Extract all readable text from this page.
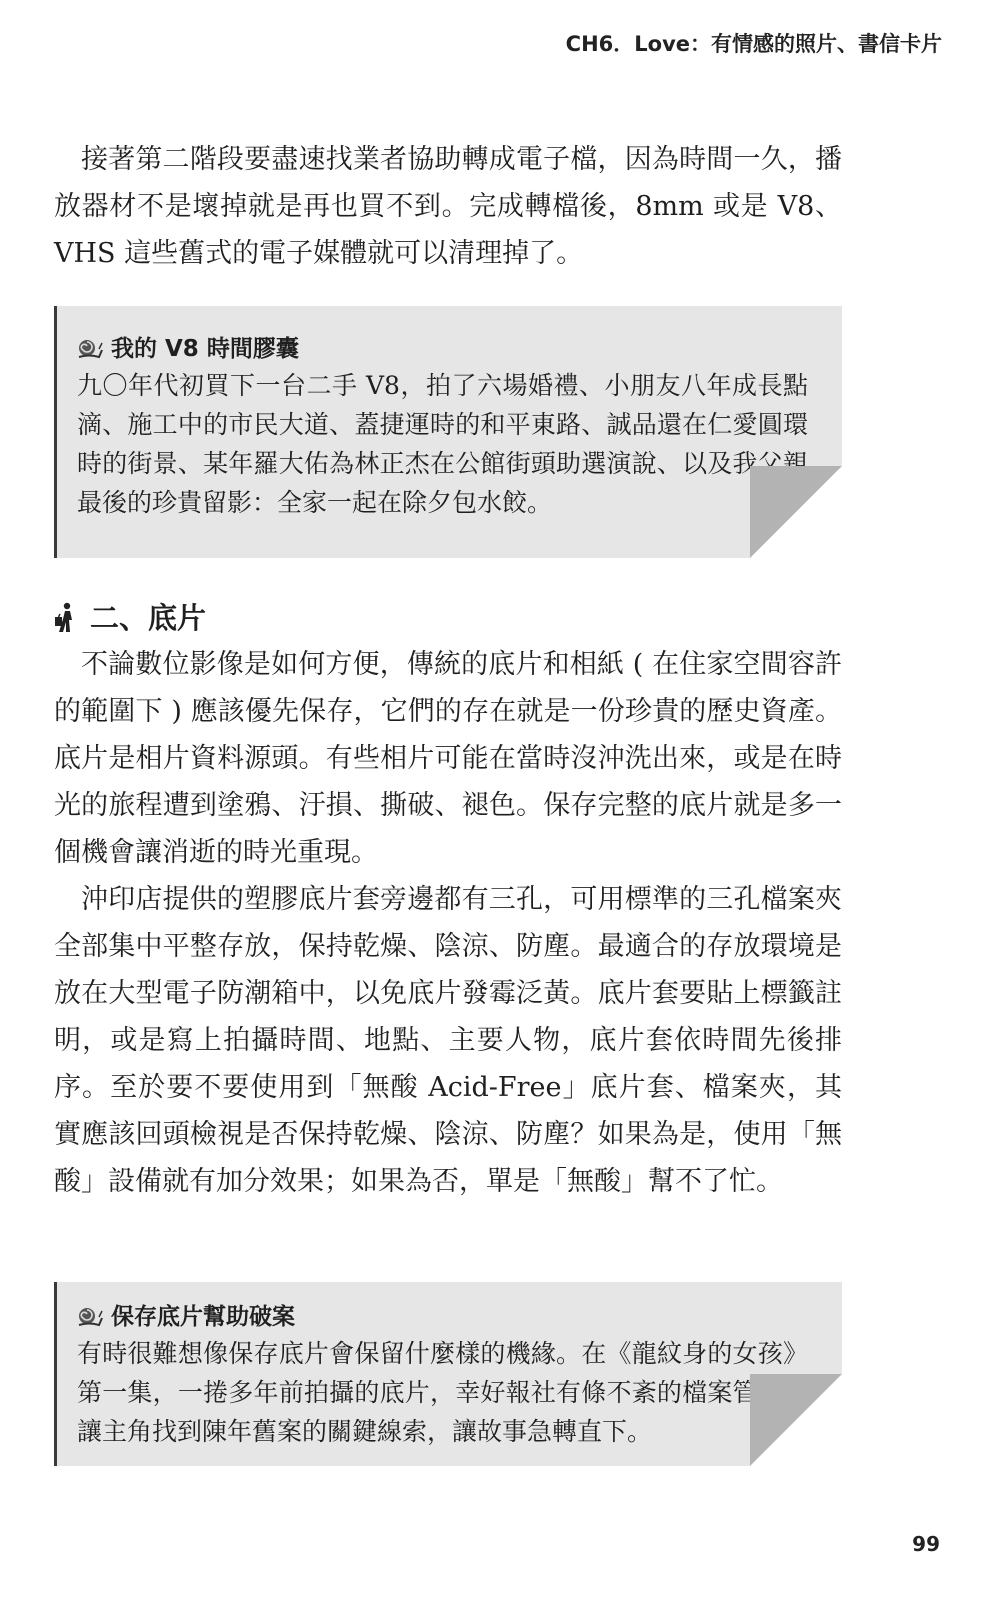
CH6．Love：有情感的照片、書信卡片

接著第二階段要盡速找業者協助轉成電子檔，因為時間一久，播放器材不是壞掉就是再也買不到。完成轉檔後，8mm 或是 V8、VHS 這些舊式的電子媒體就可以清理掉了。

我的 V8 時間膠囊

九〇年代初買下一台二手 V8，拍了六場婚禮、小朋友八年成長點滴、施工中的市民大道、蓋捷運時的和平東路、誠品還在仁愛圓環時的街景、某年羅大佑為林正杰在公館街頭助選演說、以及我父親最後的珍貴留影：全家一起在除夕包水餃。

二、底片

不論數位影像是如何方便，傳統的底片和相紙 ( 在住家空間容許的範圍下 ) 應該優先保存，它們的存在就是一份珍貴的歷史資產。底片是相片資料源頭。有些相片可能在當時沒沖洗出來，或是在時光的旅程遭到塗鴉、汙損、撕破、褪色。保存完整的底片就是多一個機會讓消逝的時光重現。

沖印店提供的塑膠底片套旁邊都有三孔，可用標準的三孔檔案夾全部集中平整存放，保持乾燥、陰涼、防塵。最適合的存放環境是放在大型電子防潮箱中，以免底片發霉泛黃。底片套要貼上標籤註明，或是寫上拍攝時間、地點、主要人物，底片套依時間先後排序。至於要不要使用到「無酸 Acid-Free」底片套、檔案夾，其實應該回頭檢視是否保持乾燥、陰涼、防塵？如果為是，使用「無酸」設備就有加分效果；如果為否，單是「無酸」幫不了忙。

保存底片幫助破案

有時很難想像保存底片會保留什麼樣的機緣。在《龍紋身的女孩》第一集，一捲多年前拍攝的底片，幸好報社有條不紊的檔案管理，讓主角找到陳年舊案的關鍵線索，讓故事急轉直下。

99
